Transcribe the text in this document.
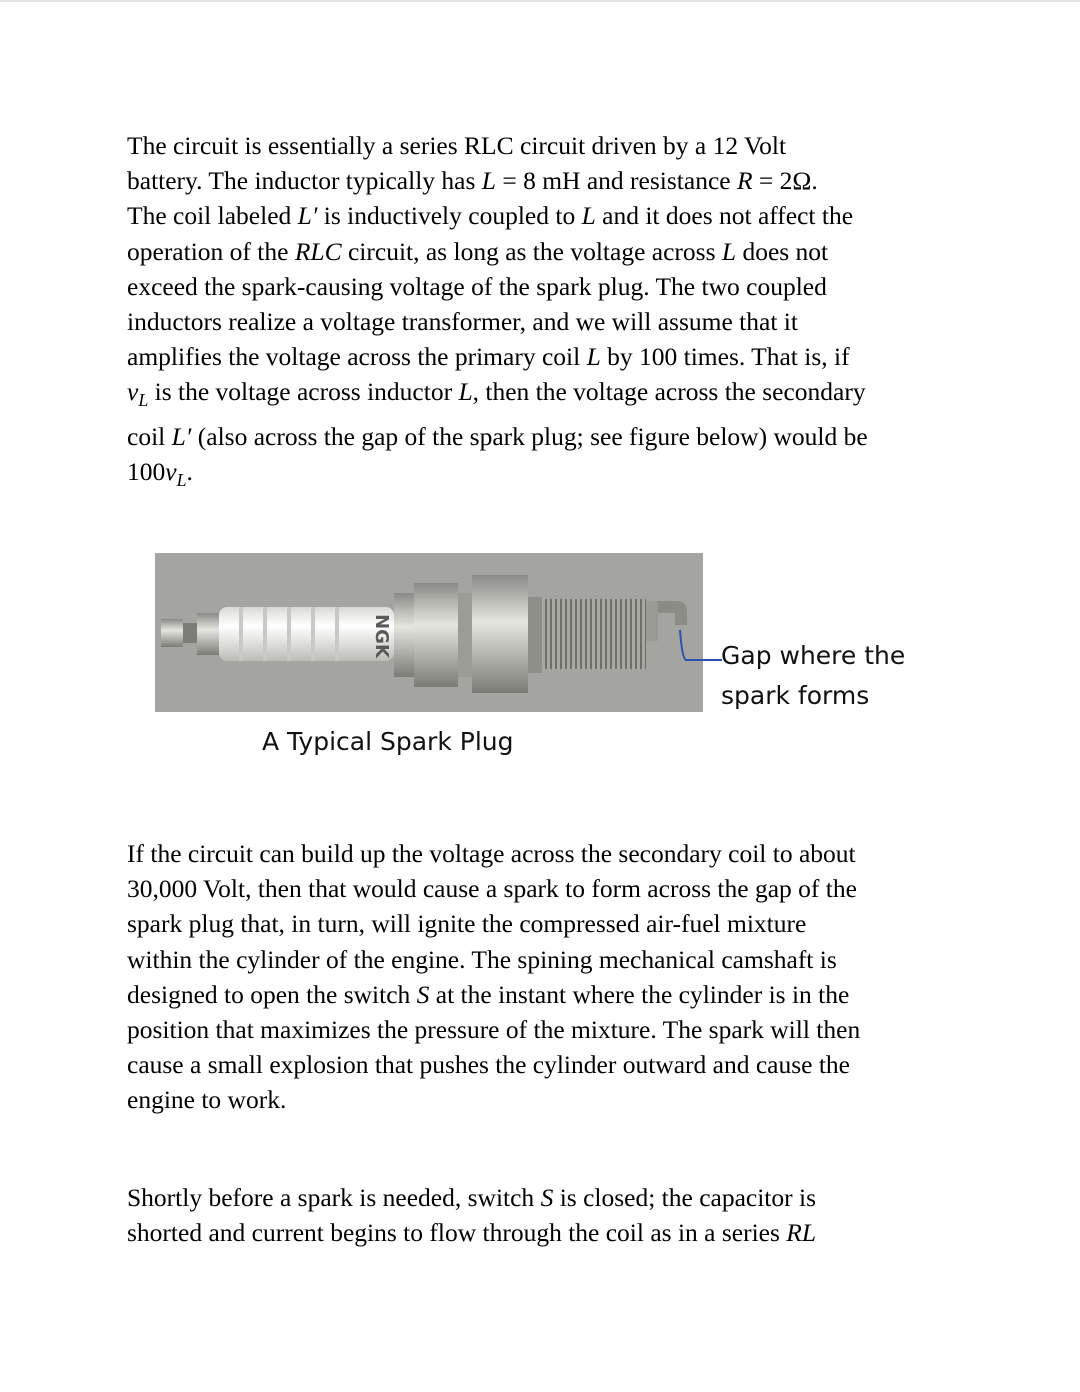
The circuit is essentially a series RLC circuit driven by a 12 Volt
battery. The inductor typically has L = 8 mH and resistance R = 2Ω.
The coil labeled L′ is inductively coupled to L and it does not affect the
operation of the RLC circuit, as long as the voltage across L does not
exceed the spark-causing voltage of the spark plug. The two coupled
inductors realize a voltage transformer, and we will assume that it
amplifies the voltage across the primary coil L by 100 times. That is, if
$v_L$ is the voltage across inductor L, then the voltage across the secondary
coil L′ (also across the gap of the spark plug; see figure below) would be
$100v_L$.

NGK	Gap where the
spark forms
A Typical Spark Plug

If the circuit can build up the voltage across the secondary coil to about
30,000 Volt, then that would cause a spark to form across the gap of the
spark plug that, in turn, will ignite the compressed air-fuel mixture
within the cylinder of the engine. The spining mechanical camshaft is
designed to open the switch S at the instant where the cylinder is in the
position that maximizes the pressure of the mixture. The spark will then
cause a small explosion that pushes the cylinder outward and cause the
engine to work.

Shortly before a spark is needed, switch S is closed; the capacitor is
shorted and current begins to flow through the coil as in a series RL
